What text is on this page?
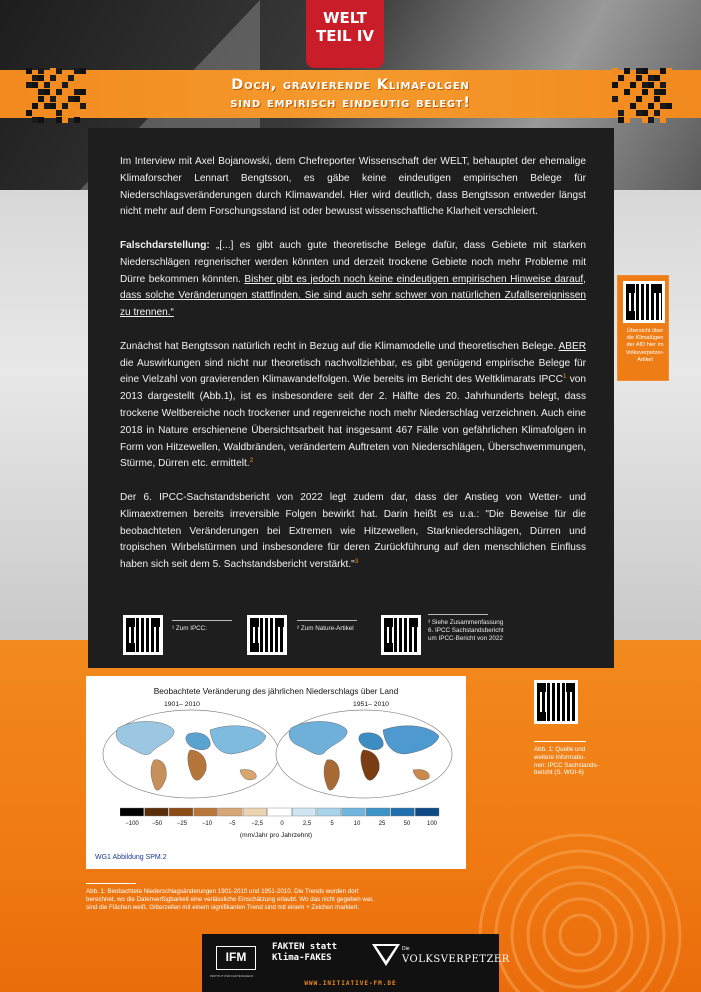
WELT
TEIL IV
Doch, gravierende Klimafolgen
sind empirisch eindeutig belegt!

Im Interview mit Axel Bojanowski, dem Chefreporter Wissenschaft der WELT, behauptet der ehemalige Klimaforscher Lennart Bengtsson, es gäbe keine eindeutigen empirischen Belege für Niederschlagsveränderungen durch Klimawandel. Hier wird deutlich, dass Bengtsson entweder längst nicht mehr auf dem Forschungsstand ist oder bewusst wissenschaftliche Klarheit verschleiert.

Falschdarstellung: „[...] es gibt auch gute theoretische Belege dafür, dass Gebiete mit starken Niederschlägen regnerischer werden könnten und derzeit trockene Gebiete noch mehr Probleme mit Dürre bekommen könnten. Bisher gibt es jedoch noch keine eindeutigen empirischen Hinweise darauf, dass solche Veränderungen stattfinden. Sie sind auch sehr schwer von natürlichen Zufallsereignissen zu trennen.“

Zunächst hat Bengtsson natürlich recht in Bezug auf die Klimamodelle und theoretischen Belege. ABER die Auswirkungen sind nicht nur theoretisch nachvollziehbar, es gibt genügend empirische Belege für eine Vielzahl von gravierenden Klimawandelfolgen. Wie bereits im Bericht des Weltklimarats IPCC$^1$ von 2013 dargestellt (Abb.1), ist es insbesondere seit der 2. Hälfte des 20. Jahrhunderts belegt, dass trockene Weltbereiche noch trockener und regenreiche noch mehr Niederschlag verzeichnen. Auch eine 2018 in Nature erschienene Übersichtsarbeit hat insgesamt 467 Fälle von gefährlichen Klimafolgen in Form von Hitzewellen, Waldbränden, verändertem Auftreten von Niederschlägen, Überschwemmungen, Stürme, Dürren etc. ermittelt.$^2$

Der 6. IPCC-Sachstandsbericht von 2022 legt zudem dar, dass der Anstieg von Wetter- und Klimaextremen bereits irreversible Folgen bewirkt hat. Darin heißt es u.a.: "Die Beweise für die beobachteten Veränderungen bei Extremen wie Hitzewellen, Starkniederschlägen, Dürren und tropischen Wirbelstürmen und insbesondere für deren Zurückführung auf den menschlichen Einfluss haben sich seit dem 5. Sachstandsbericht verstärkt."$^3$

¹ Zum IPCC:	² Zum Nature-Artikel
³ Siehe Zusammenfassung
6. IPCC Sachstandsbericht
um IPCC-Bericht von 2022
Übersicht über
die Klimalügen
der AfD hier im
Volksverpetzer-
Artikel
Beobachtete Veränderung des jährlichen Niederschlags über Land
1901– 2010	1951– 2010
−100 −50 −25 −10	−5	−2,5	0	2,5	5	10	25	50	100
(mm/Jahr pro Jahrzehnt)
WG1 Abbildung SPM.2
Abb. 1: Quelle und
weitere Informatio-
nen: IPCC Sachstands-
bericht (S. WGI-6)
Abb. 1: Beobachtete Niederschlagsänderungen 1901-2010 und 1951-2010. Die Trends wurden dort berechnet, wo die Datenverfügbarkeit eine verlässliche Einschätzung erlaubt. Wo das nicht gegeben war, sind die Flächen weiß. Gitterzellen mit einem signifikanten Trend sind mit einem + Zeichen markiert.
IFM
INSTITUT FÜR FAKTENCHECK
FAKTEN statt
Klima-FAKES
Die
VOLKSVERPETZER
WWW.INITIATIVE-FM.DE
